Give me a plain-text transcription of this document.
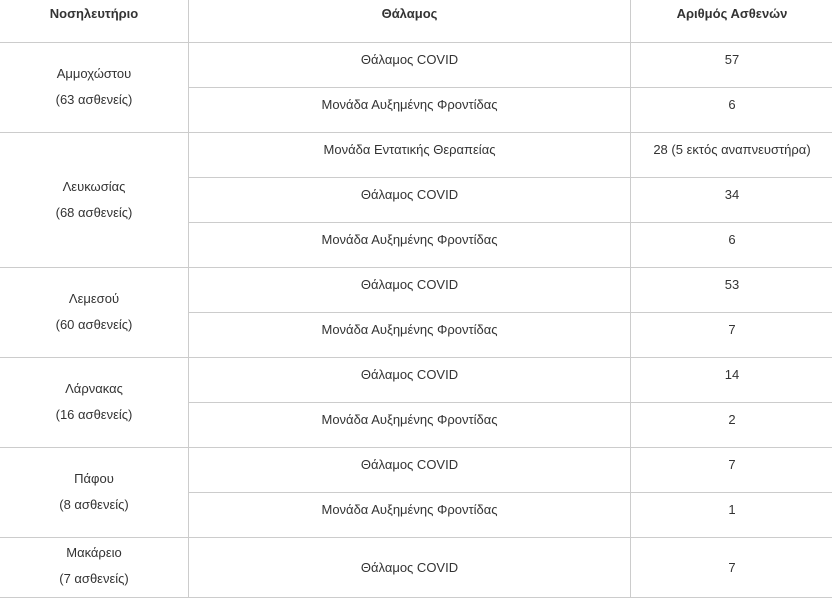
Νοσηλευτήριο	Θάλαμος	Αριθμός Ασθενών

Αμμοχώστου
(63 ασθενείς)	Θάλαμος COVID	57
	Μονάδα Αυξημένης Φροντίδας	6

Λευκωσίας
(68 ασθενείς)	Μονάδα Εντατικής Θεραπείας	28 (5 εκτός αναπνευστήρα)
	Θάλαμος COVID	34
	Μονάδα Αυξημένης Φροντίδας	6

Λεμεσού
(60 ασθενείς)	Θάλαμος COVID	53
	Μονάδα Αυξημένης Φροντίδας	7

Λάρνακας
(16 ασθενείς)	Θάλαμος COVID	14
	Μονάδα Αυξημένης Φροντίδας	2

Πάφου
(8 ασθενείς)	Θάλαμος COVID	7
	Μονάδα Αυξημένης Φροντίδας	1

Μακάρειο
(7 ασθενείς)	Θάλαμος COVID	7
